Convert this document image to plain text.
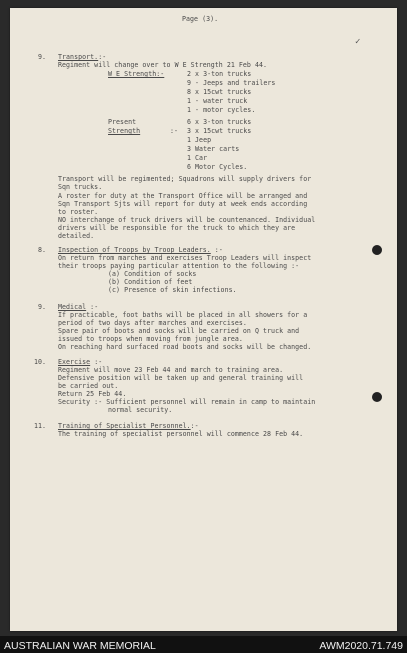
Page (3).
✓
9. Transport.:-
Regiment will change over to W E Strength 21 Feb 44.
W E Strength:-	2 x 3-ton trucks
9 - Jeeps and trailers
8 x 15cwt trucks
1 - water truck
1 - motor cycles.
Present	6 x 3-ton trucks
Strength	:- 3 x 15cwt trucks
1 Jeep
3 Water carts
1 Car
6 Motor Cycles.
Transport will be regimented; Squadrons will supply drivers for
Sqn trucks.
A roster for duty at the Transport Office will be arranged and
Sqn Transport Sjts will report for duty at week ends according
to roster.
NO interchange of truck drivers will be countenanced. Individual
drivers will be responsible for the truck to which they are
detailed.
8. Inspection of Troops by Troop Leaders. :-
On return from marches and exercises Troop Leaders will inspect
their troops paying particular attention to the following :-
(a) Condition of socks
(b) Condition of feet
(c) Presence of skin infections.
9. Medical :-
If practicable, foot baths will be placed in all showers for a
period of two days after marches and exercises.
Spare pair of boots and socks will be carried on Q truck and
issued to troops when moving from jungle area.
On reaching hard surfaced road boots and socks will be changed.
10. Exercise :-
Regiment will move 23 Feb 44 and march to training area.
Defensive position will be taken up and general training will
be carried out.
Return 25 Feb 44.
Security :- Sufficient personnel will remain in camp to maintain
normal security.
11. Training of Specialist Personnel.:-
The training of specialist personnel will commence 28 Feb 44.
AUSTRALIAN WAR MEMORIAL	AWM2020.71.749
